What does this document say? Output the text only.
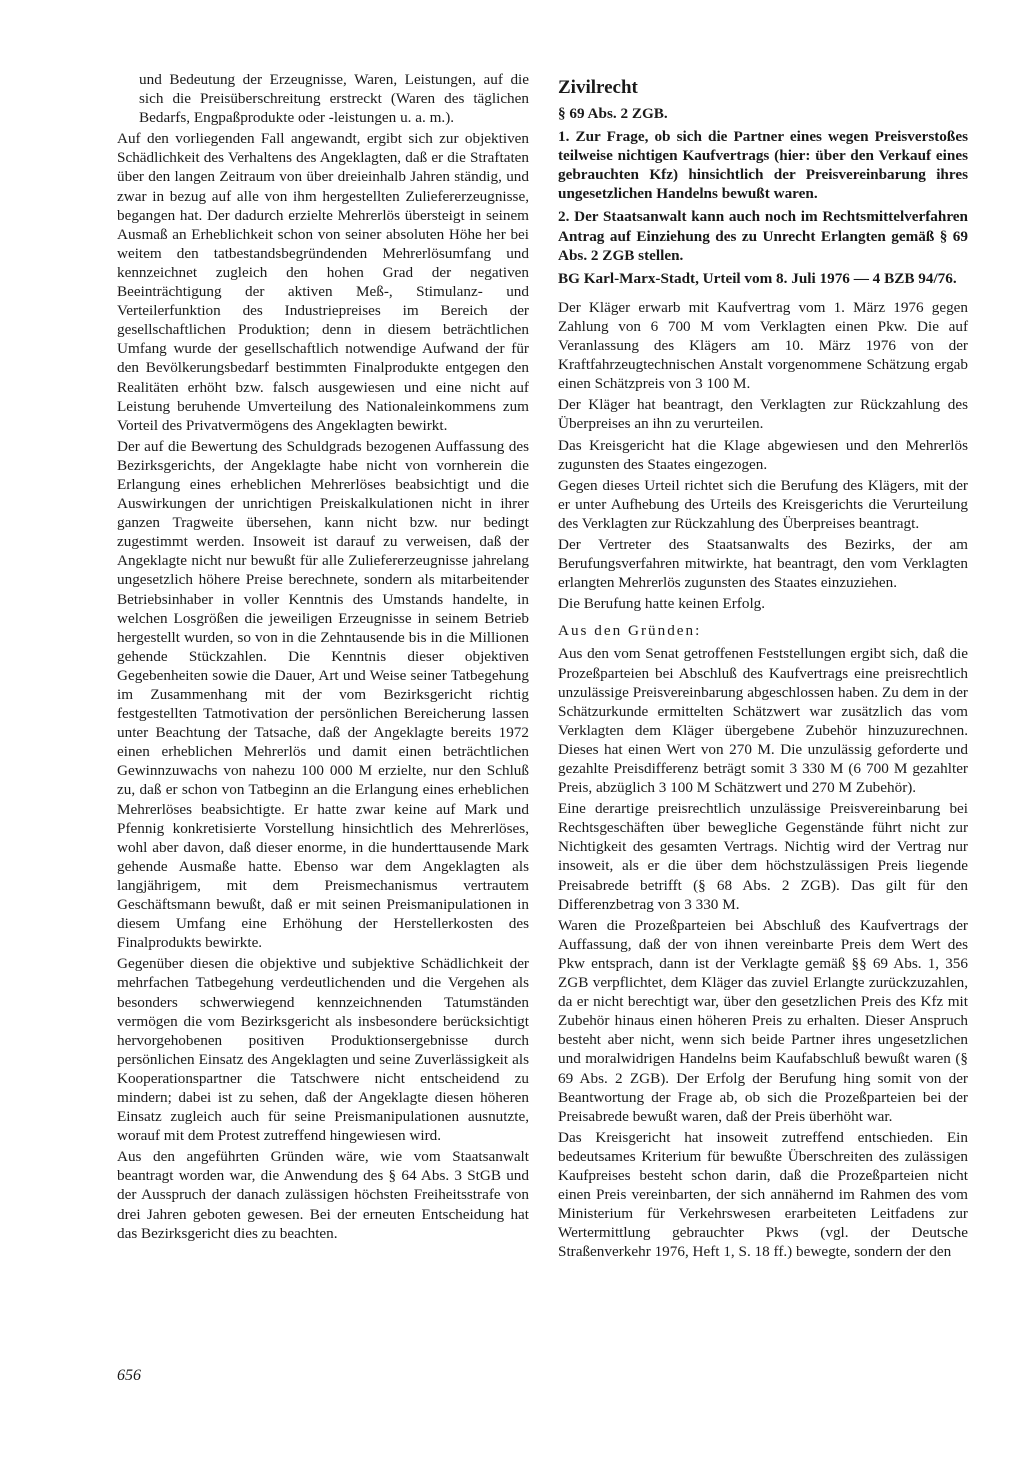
und Bedeutung der Erzeugnisse, Waren, Leistungen, auf die sich die Preisüberschreitung erstreckt (Waren des täglichen Bedarfs, Engpaßprodukte oder -leistungen u. a. m.).

Auf den vorliegenden Fall angewandt, ergibt sich zur objektiven Schädlichkeit des Verhaltens des Angeklagten, daß er die Straftaten über den langen Zeitraum von über dreieinhalb Jahren ständig, und zwar in bezug auf alle von ihm hergestellten Zuliefererzeugnisse, begangen hat. Der dadurch erzielte Mehrerlös übersteigt in seinem Ausmaß an Erheblichkeit schon von seiner absoluten Höhe her bei weitem den tatbestandsbegründenden Mehrerlösumfang und kennzeichnet zugleich den hohen Grad der negativen Beeinträchtigung der aktiven Meß-, Stimulanz- und Verteilerfunktion des Industriepreises im Bereich der gesellschaftlichen Produktion; denn in diesem beträchtlichen Umfang wurde der gesellschaftlich notwendige Aufwand der für den Bevölkerungsbedarf bestimmten Finalprodukte entgegen den Realitäten erhöht bzw. falsch ausgewiesen und eine nicht auf Leistung beruhende Umverteilung des Nationaleinkommens zum Vorteil des Privatvermögens des Angeklagten bewirkt.

Der auf die Bewertung des Schuldgrads bezogenen Auffassung des Bezirksgerichts, der Angeklagte habe nicht von vornherein die Erlangung eines erheblichen Mehrerlöses beabsichtigt und die Auswirkungen der unrichtigen Preiskalkulationen nicht in ihrer ganzen Tragweite übersehen, kann nicht bzw. nur bedingt zugestimmt werden. Insoweit ist darauf zu verweisen, daß der Angeklagte nicht nur bewußt für alle Zuliefererzeugnisse jahrelang ungesetzlich höhere Preise berechnete, sondern als mitarbeitender Betriebsinhaber in voller Kenntnis des Umstands handelte, in welchen Losgrößen die jeweiligen Erzeugnisse in seinem Betrieb hergestellt wurden, so von in die Zehntausende bis in die Millionen gehende Stückzahlen. Die Kenntnis dieser objektiven Gegebenheiten sowie die Dauer, Art und Weise seiner Tatbegehung im Zusammenhang mit der vom Bezirksgericht richtig festgestellten Tatmotivation der persönlichen Bereicherung lassen unter Beachtung der Tatsache, daß der Angeklagte bereits 1972 einen erheblichen Mehrerlös und damit einen beträchtlichen Gewinnzuwachs von nahezu 100 000 M erzielte, nur den Schluß zu, daß er schon von Tatbeginn an die Erlangung eines erheblichen Mehrerlöses beabsichtigte. Er hatte zwar keine auf Mark und Pfennig konkretisierte Vorstellung hinsichtlich des Mehrerlöses, wohl aber davon, daß dieser enorme, in die hunderttausende Mark gehende Ausmaße hatte. Ebenso war dem Angeklagten als langjährigem, mit dem Preismechanismus vertrautem Geschäftsmann bewußt, daß er mit seinen Preismanipulationen in diesem Umfang eine Erhöhung der Herstellerkosten des Finalprodukts bewirkte.

Gegenüber diesen die objektive und subjektive Schädlichkeit der mehrfachen Tatbegehung verdeutlichenden und die Vergehen als besonders schwerwiegend kennzeichnenden Tatumständen vermögen die vom Bezirksgericht als insbesondere berücksichtigt hervorgehobenen positiven Produktionsergebnisse durch persönlichen Einsatz des Angeklagten und seine Zuverlässigkeit als Kooperationspartner die Tatschwere nicht entscheidend zu mindern; dabei ist zu sehen, daß der Angeklagte diesen höheren Einsatz zugleich auch für seine Preismanipulationen ausnutzte, worauf mit dem Protest zutreffend hingewiesen wird.

Aus den angeführten Gründen wäre, wie vom Staatsanwalt beantragt worden war, die Anwendung des § 64 Abs. 3 StGB und der Ausspruch der danach zulässigen höchsten Freiheitsstrafe von drei Jahren geboten gewesen. Bei der erneuten Entscheidung hat das Bezirksgericht dies zu beachten.

Zivilrecht

§ 69 Abs. 2 ZGB.

1. Zur Frage, ob sich die Partner eines wegen Preisverstoßes teilweise nichtigen Kaufvertrags (hier: über den Verkauf eines gebrauchten Kfz) hinsichtlich der Preisvereinbarung ihres ungesetzlichen Handelns bewußt waren.

2. Der Staatsanwalt kann auch noch im Rechtsmittelverfahren Antrag auf Einziehung des zu Unrecht Erlangten gemäß § 69 Abs. 2 ZGB stellen.

BG Karl-Marx-Stadt, Urteil vom 8. Juli 1976 — 4 BZB 94/76.

Der Kläger erwarb mit Kaufvertrag vom 1. März 1976 gegen Zahlung von 6 700 M vom Verklagten einen Pkw. Die auf Veranlassung des Klägers am 10. März 1976 von der Kraftfahrzeugtechnischen Anstalt vorgenommene Schätzung ergab einen Schätzpreis von 3 100 M.

Der Kläger hat beantragt, den Verklagten zur Rückzahlung des Überpreises an ihn zu verurteilen.

Das Kreisgericht hat die Klage abgewiesen und den Mehrerlös zugunsten des Staates eingezogen.

Gegen dieses Urteil richtet sich die Berufung des Klägers, mit der er unter Aufhebung des Urteils des Kreisgerichts die Verurteilung des Verklagten zur Rückzahlung des Überpreises beantragt.

Der Vertreter des Staatsanwalts des Bezirks, der am Berufungsverfahren mitwirkte, hat beantragt, den vom Verklagten erlangten Mehrerlös zugunsten des Staates einzuziehen.

Die Berufung hatte keinen Erfolg.

Aus den Gründen:

Aus den vom Senat getroffenen Feststellungen ergibt sich, daß die Prozeßparteien bei Abschluß des Kaufvertrags eine preisrechtlich unzulässige Preisvereinbarung abgeschlossen haben. Zu dem in der Schätzurkunde ermittelten Schätzwert war zusätzlich das vom Verklagten dem Kläger übergebene Zubehör hinzuzurechnen. Dieses hat einen Wert von 270 M. Die unzulässig geforderte und gezahlte Preisdifferenz beträgt somit 3 330 M (6 700 M gezahlter Preis, abzüglich 3 100 M Schätzwert und 270 M Zubehör).

Eine derartige preisrechtlich unzulässige Preisvereinbarung bei Rechtsgeschäften über bewegliche Gegenstände führt nicht zur Nichtigkeit des gesamten Vertrags. Nichtig wird der Vertrag nur insoweit, als er die über dem höchstzulässigen Preis liegende Preisabrede betrifft (§ 68 Abs. 2 ZGB). Das gilt für den Differenzbetrag von 3 330 M.

Waren die Prozeßparteien bei Abschluß des Kaufvertrags der Auffassung, daß der von ihnen vereinbarte Preis dem Wert des Pkw entsprach, dann ist der Verklagte gemäß §§ 69 Abs. 1, 356 ZGB verpflichtet, dem Kläger das zuviel Erlangte zurückzuzahlen, da er nicht berechtigt war, über den gesetzlichen Preis des Kfz mit Zubehör hinaus einen höheren Preis zu erhalten. Dieser Anspruch besteht aber nicht, wenn sich beide Partner ihres ungesetzlichen und moralwidrigen Handelns beim Kaufabschluß bewußt waren (§ 69 Abs. 2 ZGB). Der Erfolg der Berufung hing somit von der Beantwortung der Frage ab, ob sich die Prozeßparteien bei der Preisabrede bewußt waren, daß der Preis überhöht war.

Das Kreisgericht hat insoweit zutreffend entschieden. Ein bedeutsames Kriterium für bewußte Überschreiten des zulässigen Kaufpreises besteht schon darin, daß die Prozeßparteien nicht einen Preis vereinbarten, der sich annähernd im Rahmen des vom Ministerium für Verkehrswesen erarbeiteten Leitfadens zur Wertermittlung gebrauchter Pkws (vgl. der Deutsche Straßenverkehr 1976, Heft 1, S. 18 ff.) bewegte, sondern der den

656
